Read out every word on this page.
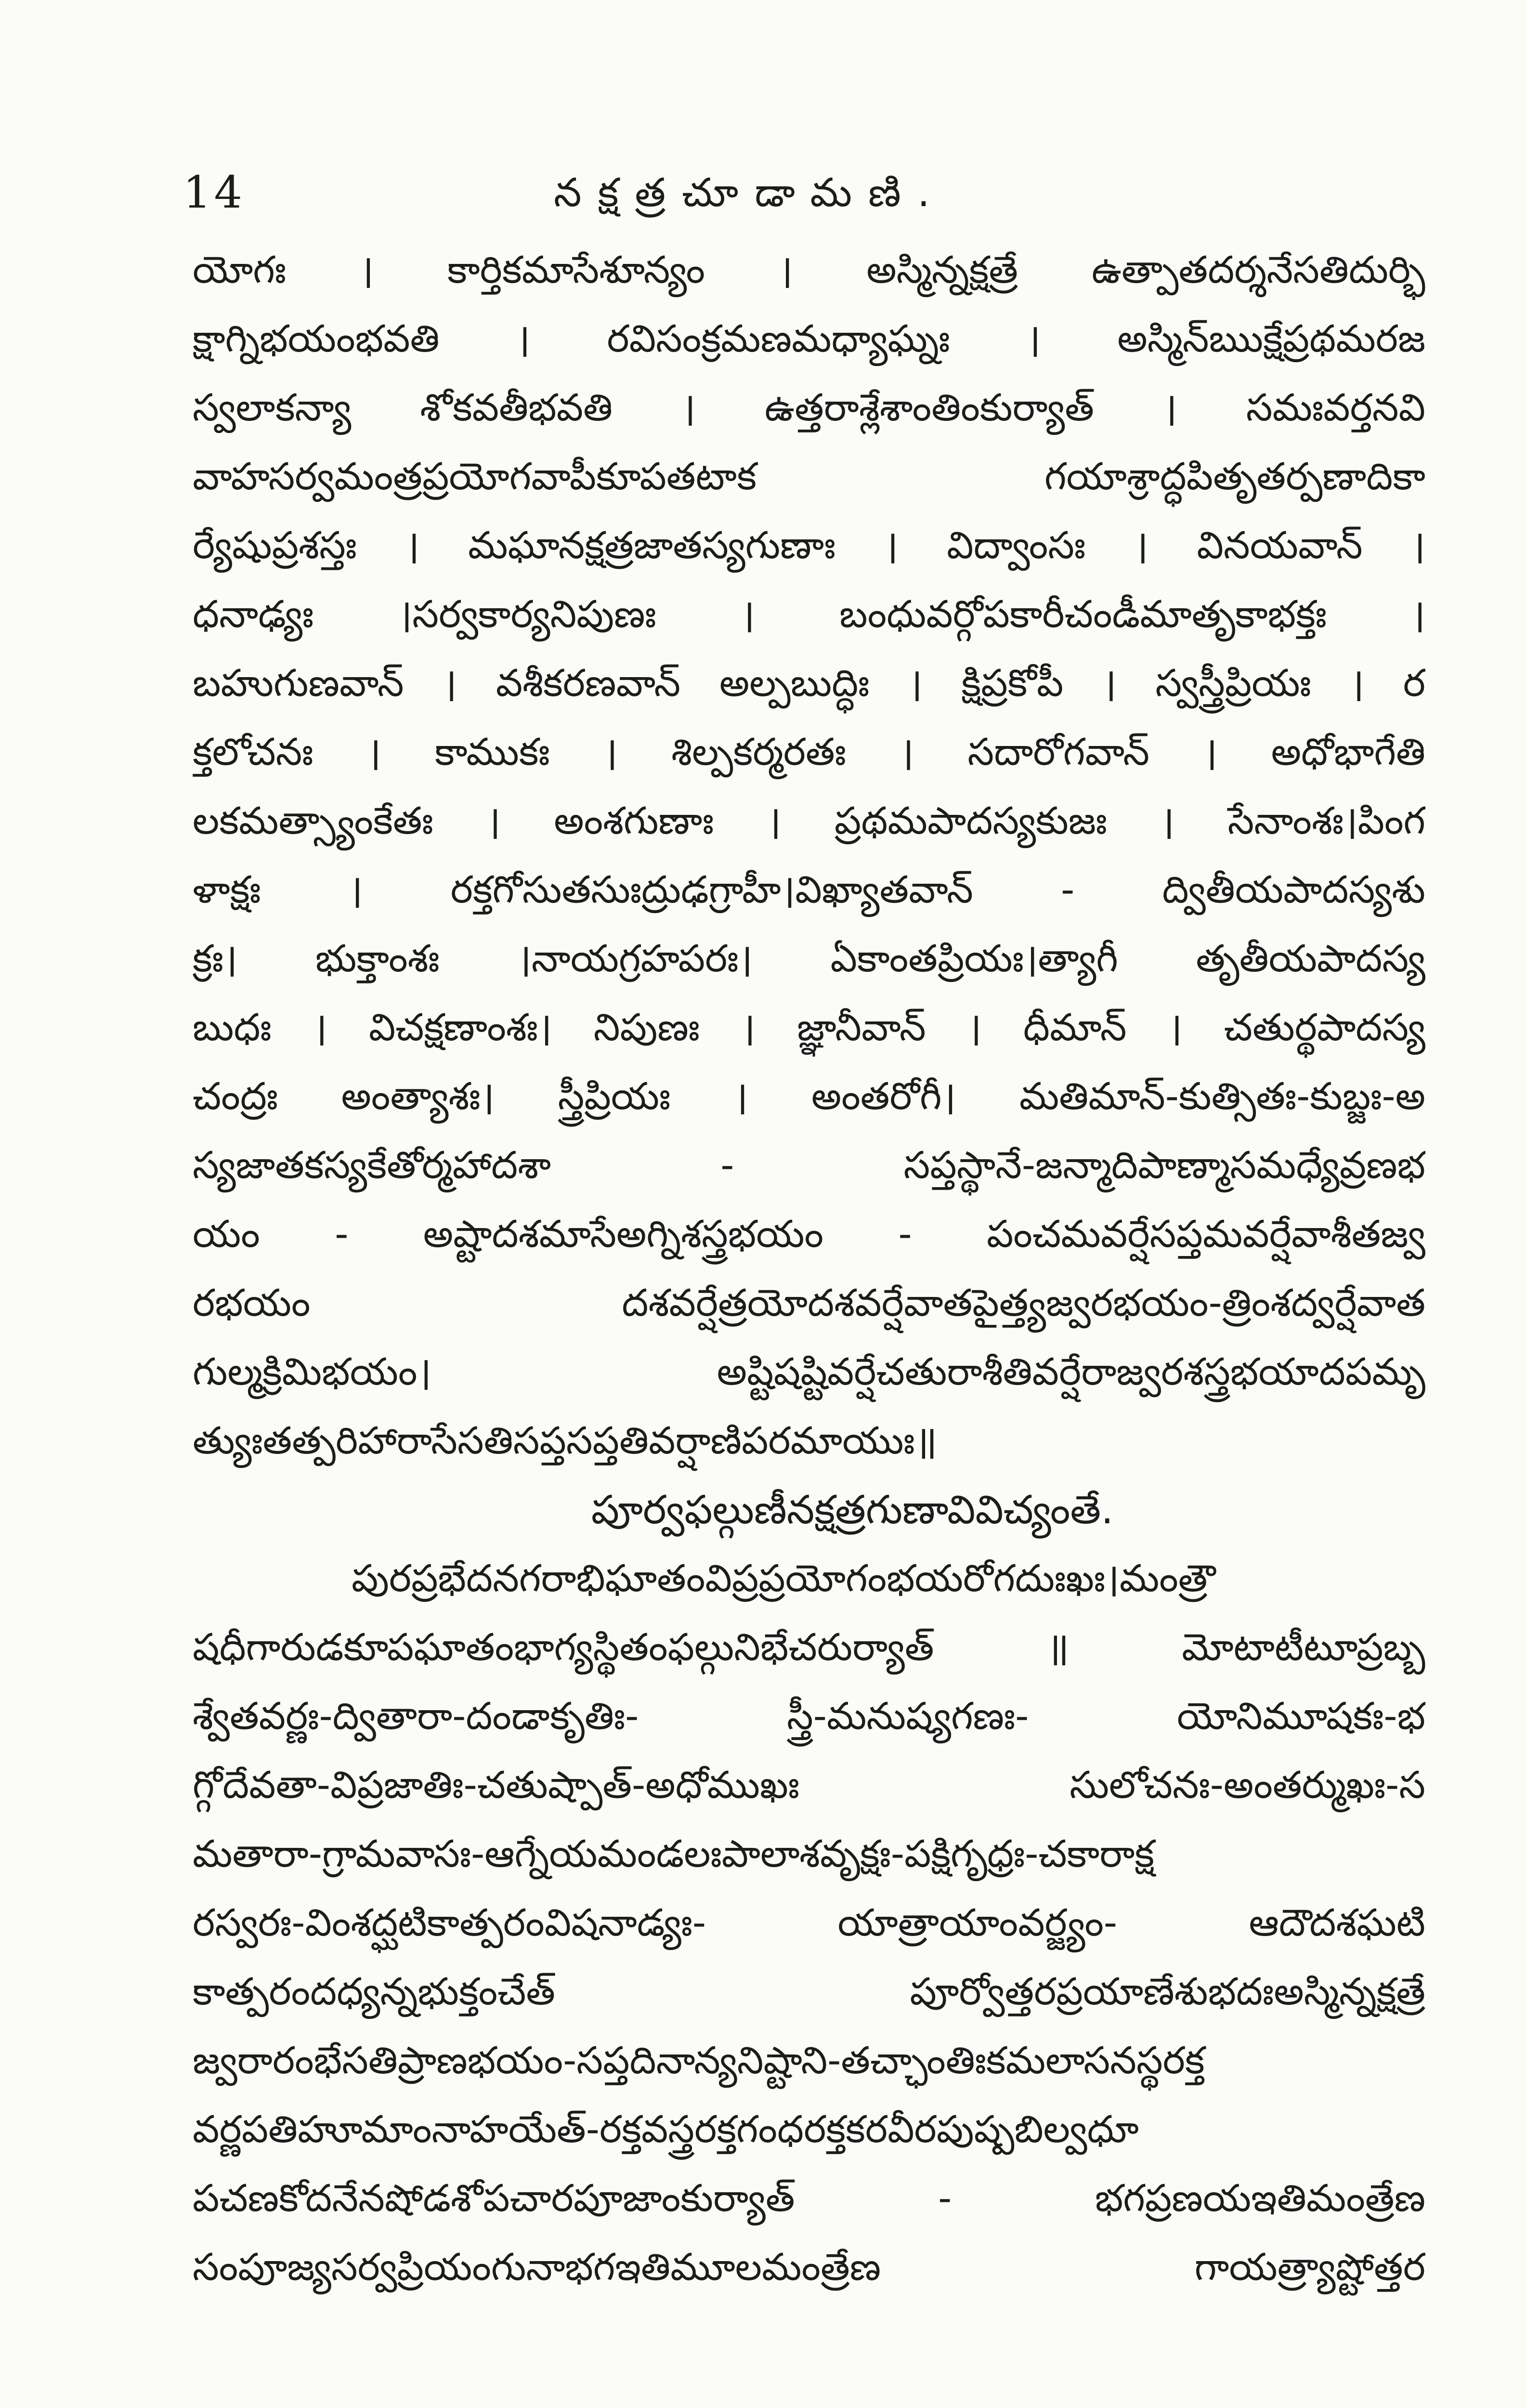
14	నక్షత్రచూడామణి.
యోగః । కార్తికమాసేశూన్యం । అస్మిన్నక్షత్రే ఉత్పాతదర్శనేసతిదుర్భి
క్షాగ్నిభయంభవతి । రవిసంక్రమణమధ్యాఘ్నః । అస్మిన్ఋక్షేప్రథమరజ
స్వలాకన్యా శోకవతీభవతి । ఉత్తరాశ్లేశాంతింకుర్యాత్ । సమఃవర్తనవి
వాహసర్వమంత్రప్రయోగవాపీకూపతటాక గయాశ్రాద్ధపితృతర్పణాదికా
ర్యేషుప్రశస్తః । మఘానక్షత్రజాతస్యగుణాః । విద్వాంసః । వినయవాన్ ।
ధనాఢ్యః ।సర్వకార్యనిపుణః । బంధువర్గోపకారీచండీమాతృకాభక్తః ।
బహుగుణవాన్ । వశీకరణవాన్ అల్పబుద్ధిః । క్షిప్రకోపీ । స్వస్త్రీప్రియః । ర
క్తలోచనః । కాముకః । శిల్పకర్మరతః । సదారోగవాన్ । అధోభాగేతి
లకమత్స్యాంకేతః । అంశగుణాః । ప్రథమపాదస్యకుజః । సేనాంశః।పింగ
ళాక్షః । రక్తగోసుతసుఃద్రుఢగ్రాహీ।విఖ్యాతవాన్ - ద్వితీయపాదస్యశు
క్రః। భుక్తాంశః ।నాయగ్రహపరః। ఏకాంతప్రియః।త్యాగీ తృతీయపాదస్య
బుధః । విచక్షణాంశః। నిపుణః । జ్ఞానీవాన్ । ధీమాన్ । చతుర్థపాదస్య
చంద్రః అంత్యాశః। స్త్రీప్రియః । అంతరోగీ। మతిమాన్-కుత్సితః-కుబ్జః-అ
స్యజాతకస్యకేతోర్మహాదశా - సప్తస్థానే-జన్మాదిపాణ్మాసమధ్యేవ్రణభ
యం - అష్టాదశమాసేఅగ్నిశస్త్రభయం - పంచమవర్షేసప్తమవర్షేవాశీతజ్వ
రభయం దశవర్షేత్రయోదశవర్షేవాతపైత్త్యజ్వరభయం-త్రింశద్వర్షేవాత
గుల్మక్రిమిభయం। అష్టిషష్టివర్షేచతురాశీతివర్షేరాజ్వరశస్త్రభయాదపమృ
త్యుఃతత్పరిహారాసేసతిసప్తసప్తతివర్షాణిపరమాయుః॥
పూర్వఫల్గుణీనక్షత్రగుణావివిచ్యంతే.
పురప్రభేదనగరాభిఘాతంవిప్రప్రయోగంభయరోగదుఃఖః।మంత్రౌ
షధీగారుడకూపఘాతంభాగ్యస్థితంఫల్గునిభేచరుర్యాత్ ॥ మోటాటీటూప్రబ్బ
శ్వేతవర్ణః-ద్వితారా-దండాకృతిః- స్త్రీ-మనుష్యగణః- యోనిమూషకః-భ
గ్గోదేవతా-విప్రజాతిః-చతుష్పాత్-అధోముఖః సులోచనః-అంతర్ముఖః-స
మతారా-గ్రామవాసః-ఆగ్నేయమండలఃపాలాశవృక్షః-పక్షిగృధ్రః-చకారాక్ష
రస్వరః-వింశద్ఘటికాత్పరంవిషనాడ్యః- యాత్రాయాంవర్జ్యం- ఆదౌదశఘటి
కాత్పరందధ్యన్నభుక్తంచేత్ పూర్వోత్తరప్రయాణేశుభదఃఅస్మిన్నక్షత్రే
జ్వరారంభేసతిప్రాణభయం-సప్తదినాన్యనిష్టాని-తచ్ఛాంతిఃకమలాసనస్థరక్త
వర్ణపతిహూమాంనాహయేత్-రక్తవస్త్రరక్తగంధరక్తకరవీరపుష్పబిల్వధూ
పచణకోదనేనషోడశోపచారపూజాంకుర్యాత్ - భగప్రణయఇతిమంత్రేణ
సంపూజ్యసర్వప్రియంగునాభగఇతిమూలమంత్రేణ గాయత్ర్యాష్టోత్తర
